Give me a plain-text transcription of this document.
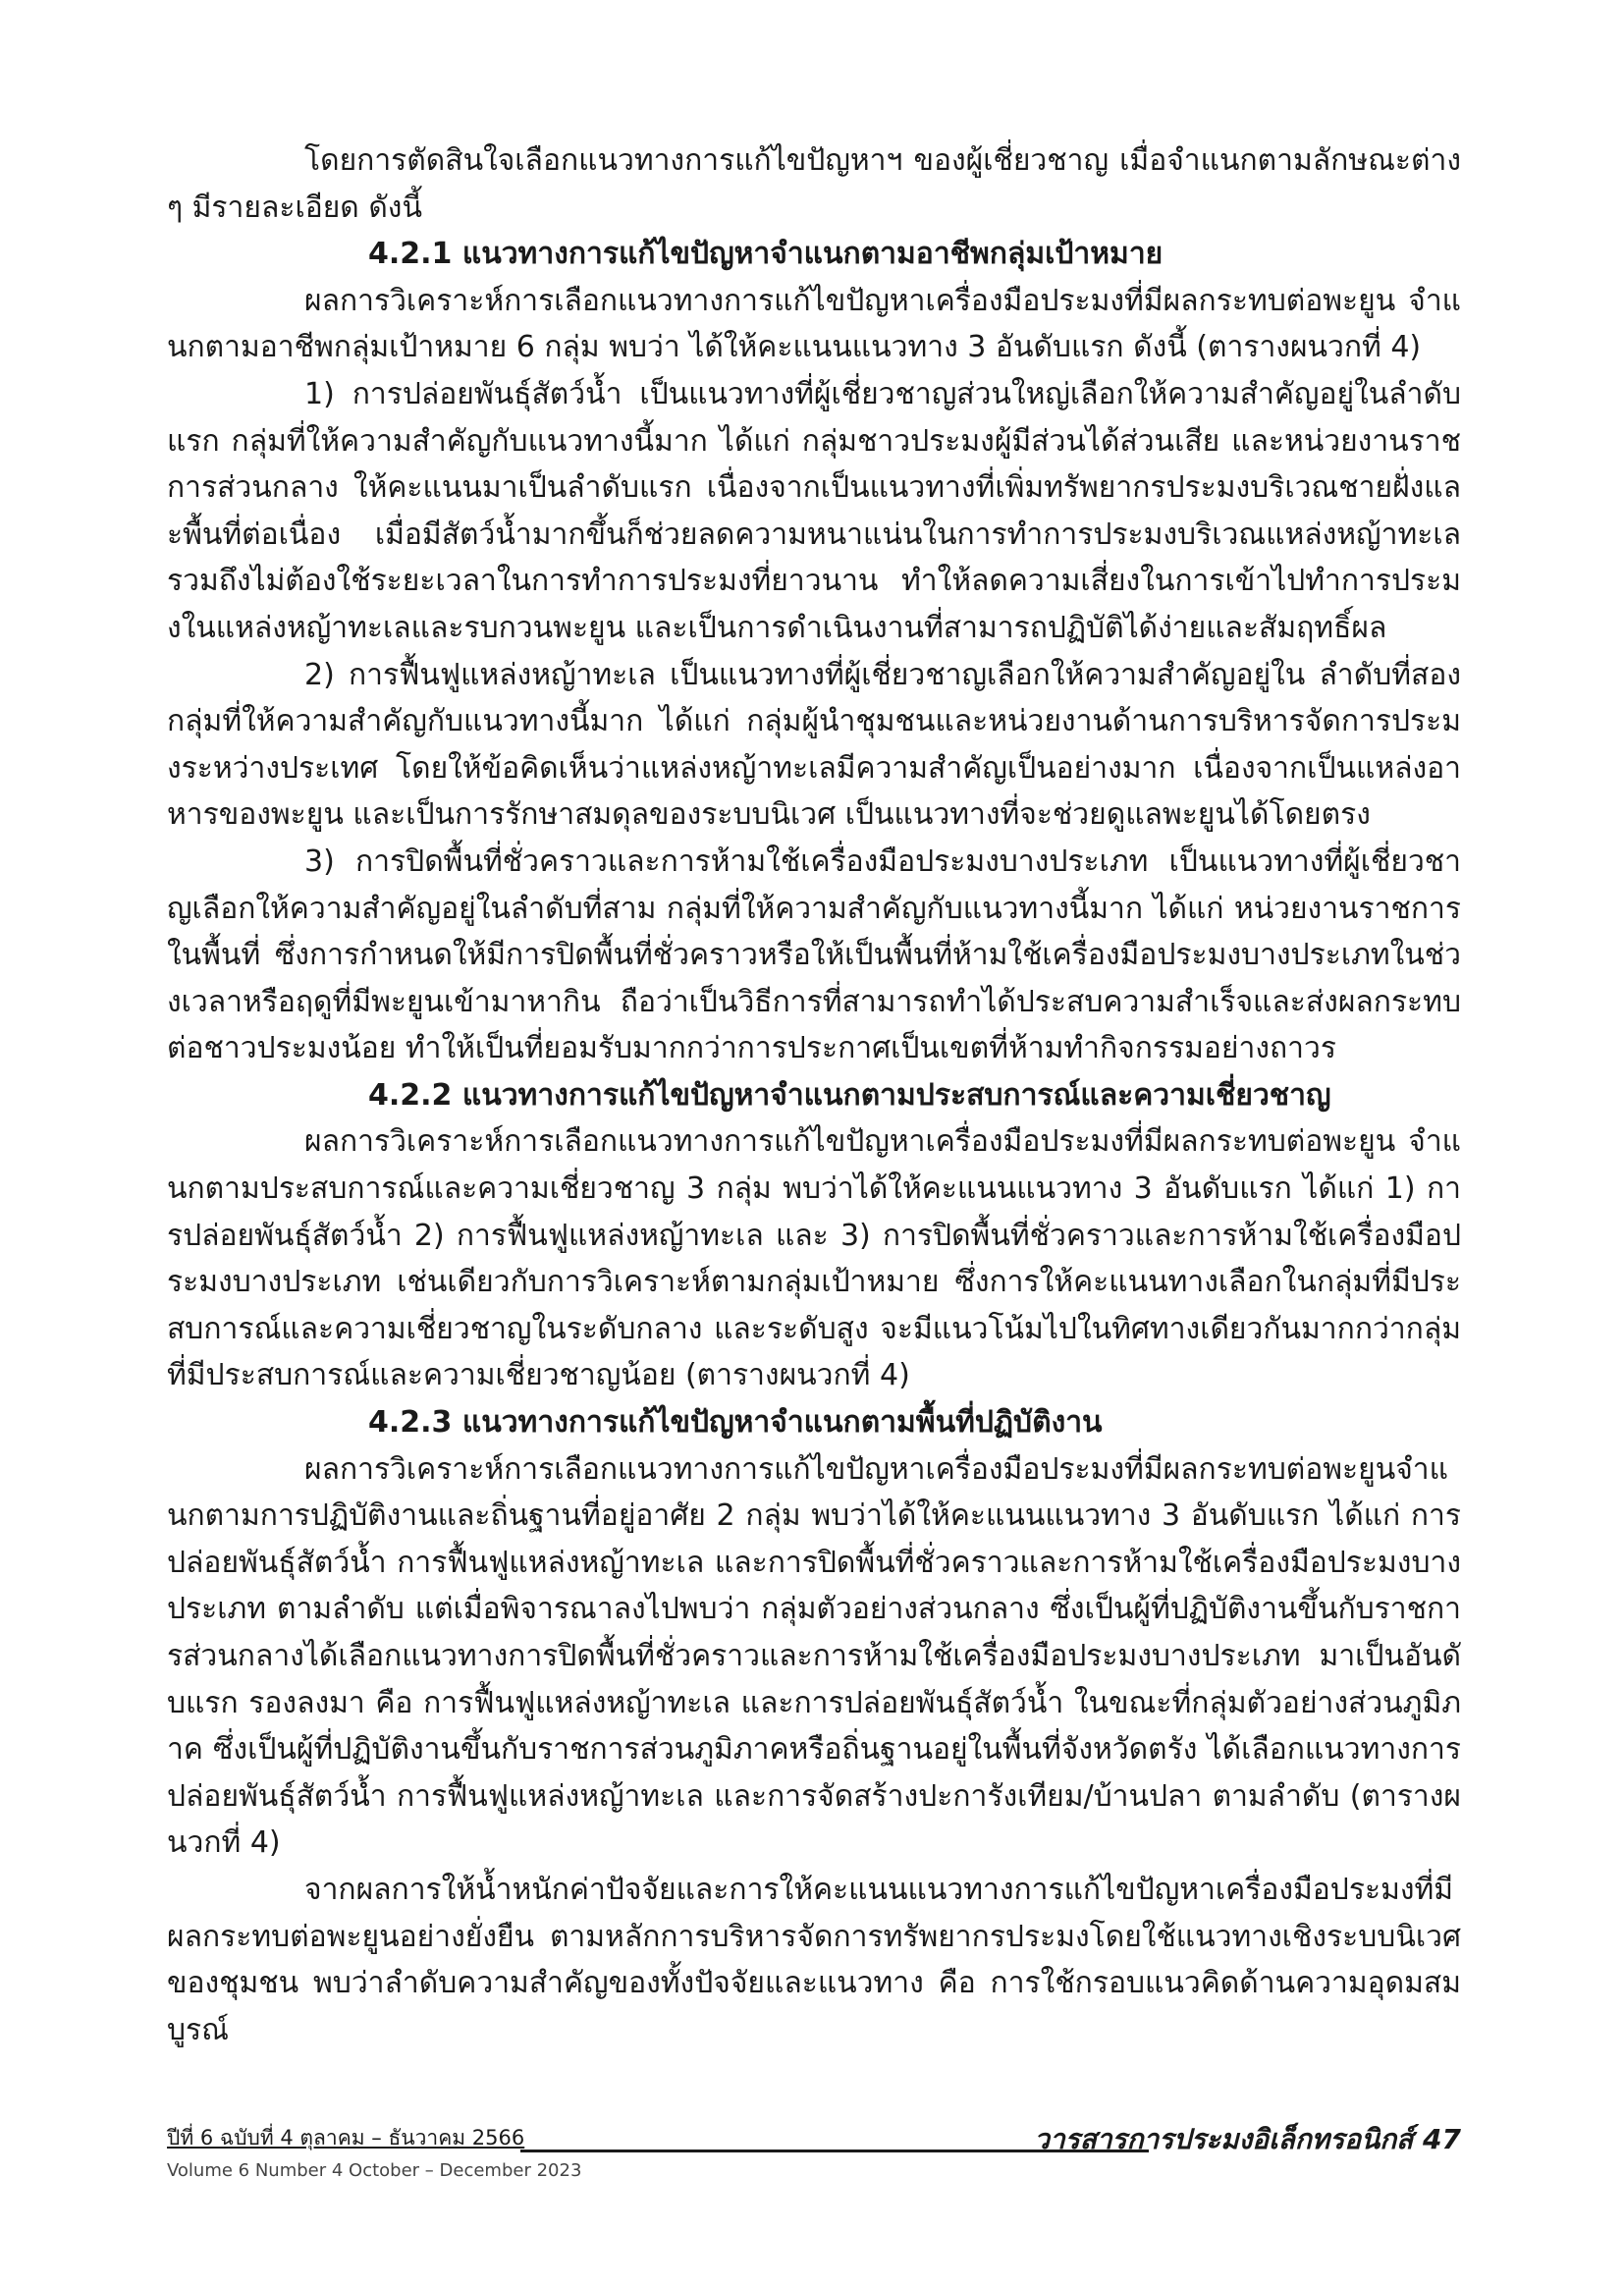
โดยการตัดสินใจเลือกแนวทางการแก้ไขปัญหาฯ ของผู้เชี่ยวชาญ เมื่อจำแนกตามลักษณะต่าง ๆ มีรายละเอียด ดังนี้

4.2.1 แนวทางการแก้ไขปัญหาจำแนกตามอาชีพกลุ่มเป้าหมาย

ผลการวิเคราะห์การเลือกแนวทางการแก้ไขปัญหาเครื่องมือประมงที่มีผลกระทบต่อพะยูน จำแนกตามอาชีพกลุ่มเป้าหมาย 6 กลุ่ม พบว่า ได้ให้คะแนนแนวทาง 3 อันดับแรก ดังนี้ (ตารางผนวกที่ 4)

1) การปล่อยพันธุ์สัตว์น้ำ เป็นแนวทางที่ผู้เชี่ยวชาญส่วนใหญ่เลือกให้ความสำคัญอยู่ในลำดับแรก กลุ่มที่ให้ความสำคัญกับแนวทางนี้มาก ได้แก่ กลุ่มชาวประมงผู้มีส่วนได้ส่วนเสีย และหน่วยงานราชการส่วนกลาง ให้คะแนนมาเป็นลำดับแรก เนื่องจากเป็นแนวทางที่เพิ่มทรัพยากรประมงบริเวณชายฝั่งและพื้นที่ต่อเนื่อง เมื่อมีสัตว์น้ำมากขึ้นก็ช่วยลดความหนาแน่นในการทำการประมงบริเวณแหล่งหญ้าทะเล รวมถึงไม่ต้องใช้ระยะเวลาในการทำการประมงที่ยาวนาน ทำให้ลดความเสี่ยงในการเข้าไปทำการประมงในแหล่งหญ้าทะเลและรบกวนพะยูน และเป็นการดำเนินงานที่สามารถปฏิบัติได้ง่ายและสัมฤทธิ์ผล

2) การฟื้นฟูแหล่งหญ้าทะเล เป็นแนวทางที่ผู้เชี่ยวชาญเลือกให้ความสำคัญอยู่ใน ลำดับที่สอง กลุ่มที่ให้ความสำคัญกับแนวทางนี้มาก ได้แก่ กลุ่มผู้นำชุมชนและหน่วยงานด้านการบริหารจัดการประมงระหว่างประเทศ โดยให้ข้อคิดเห็นว่าแหล่งหญ้าทะเลมีความสำคัญเป็นอย่างมาก เนื่องจากเป็นแหล่งอาหารของพะยูน และเป็นการรักษาสมดุลของระบบนิเวศ เป็นแนวทางที่จะช่วยดูแลพะยูนได้โดยตรง

3) การปิดพื้นที่ชั่วคราวและการห้ามใช้เครื่องมือประมงบางประเภท เป็นแนวทางที่ผู้เชี่ยวชาญเลือกให้ความสำคัญอยู่ในลำดับที่สาม กลุ่มที่ให้ความสำคัญกับแนวทางนี้มาก ได้แก่ หน่วยงานราชการในพื้นที่ ซึ่งการกำหนดให้มีการปิดพื้นที่ชั่วคราวหรือให้เป็นพื้นที่ห้ามใช้เครื่องมือประมงบางประเภทในช่วงเวลาหรือฤดูที่มีพะยูนเข้ามาหากิน ถือว่าเป็นวิธีการที่สามารถทำได้ประสบความสำเร็จและส่งผลกระทบต่อชาวประมงน้อย ทำให้เป็นที่ยอมรับมากกว่าการประกาศเป็นเขตที่ห้ามทำกิจกรรมอย่างถาวร

4.2.2 แนวทางการแก้ไขปัญหาจำแนกตามประสบการณ์และความเชี่ยวชาญ

ผลการวิเคราะห์การเลือกแนวทางการแก้ไขปัญหาเครื่องมือประมงที่มีผลกระทบต่อพะยูน จำแนกตามประสบการณ์และความเชี่ยวชาญ 3 กลุ่ม พบว่าได้ให้คะแนนแนวทาง 3 อันดับแรก ได้แก่ 1) การปล่อยพันธุ์สัตว์น้ำ 2) การฟื้นฟูแหล่งหญ้าทะเล และ 3) การปิดพื้นที่ชั่วคราวและการห้ามใช้เครื่องมือประมงบางประเภท เช่นเดียวกับการวิเคราะห์ตามกลุ่มเป้าหมาย ซึ่งการให้คะแนนทางเลือกในกลุ่มที่มีประสบการณ์และความเชี่ยวชาญในระดับกลาง และระดับสูง จะมีแนวโน้มไปในทิศทางเดียวกันมากกว่ากลุ่มที่มีประสบการณ์และความเชี่ยวชาญน้อย (ตารางผนวกที่ 4)

4.2.3 แนวทางการแก้ไขปัญหาจำแนกตามพื้นที่ปฏิบัติงาน

ผลการวิเคราะห์การเลือกแนวทางการแก้ไขปัญหาเครื่องมือประมงที่มีผลกระทบต่อพะยูนจำแนกตามการปฏิบัติงานและถิ่นฐานที่อยู่อาศัย 2 กลุ่ม พบว่าได้ให้คะแนนแนวทาง 3 อันดับแรก ได้แก่ การปล่อยพันธุ์สัตว์น้ำ การฟื้นฟูแหล่งหญ้าทะเล และการปิดพื้นที่ชั่วคราวและการห้ามใช้เครื่องมือประมงบางประเภท ตามลำดับ แต่เมื่อพิจารณาลงไปพบว่า กลุ่มตัวอย่างส่วนกลาง ซึ่งเป็นผู้ที่ปฏิบัติงานขึ้นกับราชการส่วนกลางได้เลือกแนวทางการปิดพื้นที่ชั่วคราวและการห้ามใช้เครื่องมือประมงบางประเภท มาเป็นอันดับแรก รองลงมา คือ การฟื้นฟูแหล่งหญ้าทะเล และการปล่อยพันธุ์สัตว์น้ำ ในขณะที่กลุ่มตัวอย่างส่วนภูมิภาค ซึ่งเป็นผู้ที่ปฏิบัติงานขึ้นกับราชการส่วนภูมิภาคหรือถิ่นฐานอยู่ในพื้นที่จังหวัดตรัง ได้เลือกแนวทางการปล่อยพันธุ์สัตว์น้ำ การฟื้นฟูแหล่งหญ้าทะเล และการจัดสร้างปะการังเทียม/บ้านปลา ตามลำดับ (ตารางผนวกที่ 4)

จากผลการให้น้ำหนักค่าปัจจัยและการให้คะแนนแนวทางการแก้ไขปัญหาเครื่องมือประมงที่มีผลกระทบต่อพะยูนอย่างยั่งยืน ตามหลักการบริหารจัดการทรัพยากรประมงโดยใช้แนวทางเชิงระบบนิเวศของชุมชน พบว่าลำดับความสำคัญของทั้งปัจจัยและแนวทาง คือ การใช้กรอบแนวคิดด้านความอุดมสมบูรณ์

ปีที่ 6 ฉบับที่ 4 ตุลาคม – ธันวาคม 2566	วารสารการประมงอิเล็กทรอนิกส์ 47
Volume 6 Number 4 October – December 2023
